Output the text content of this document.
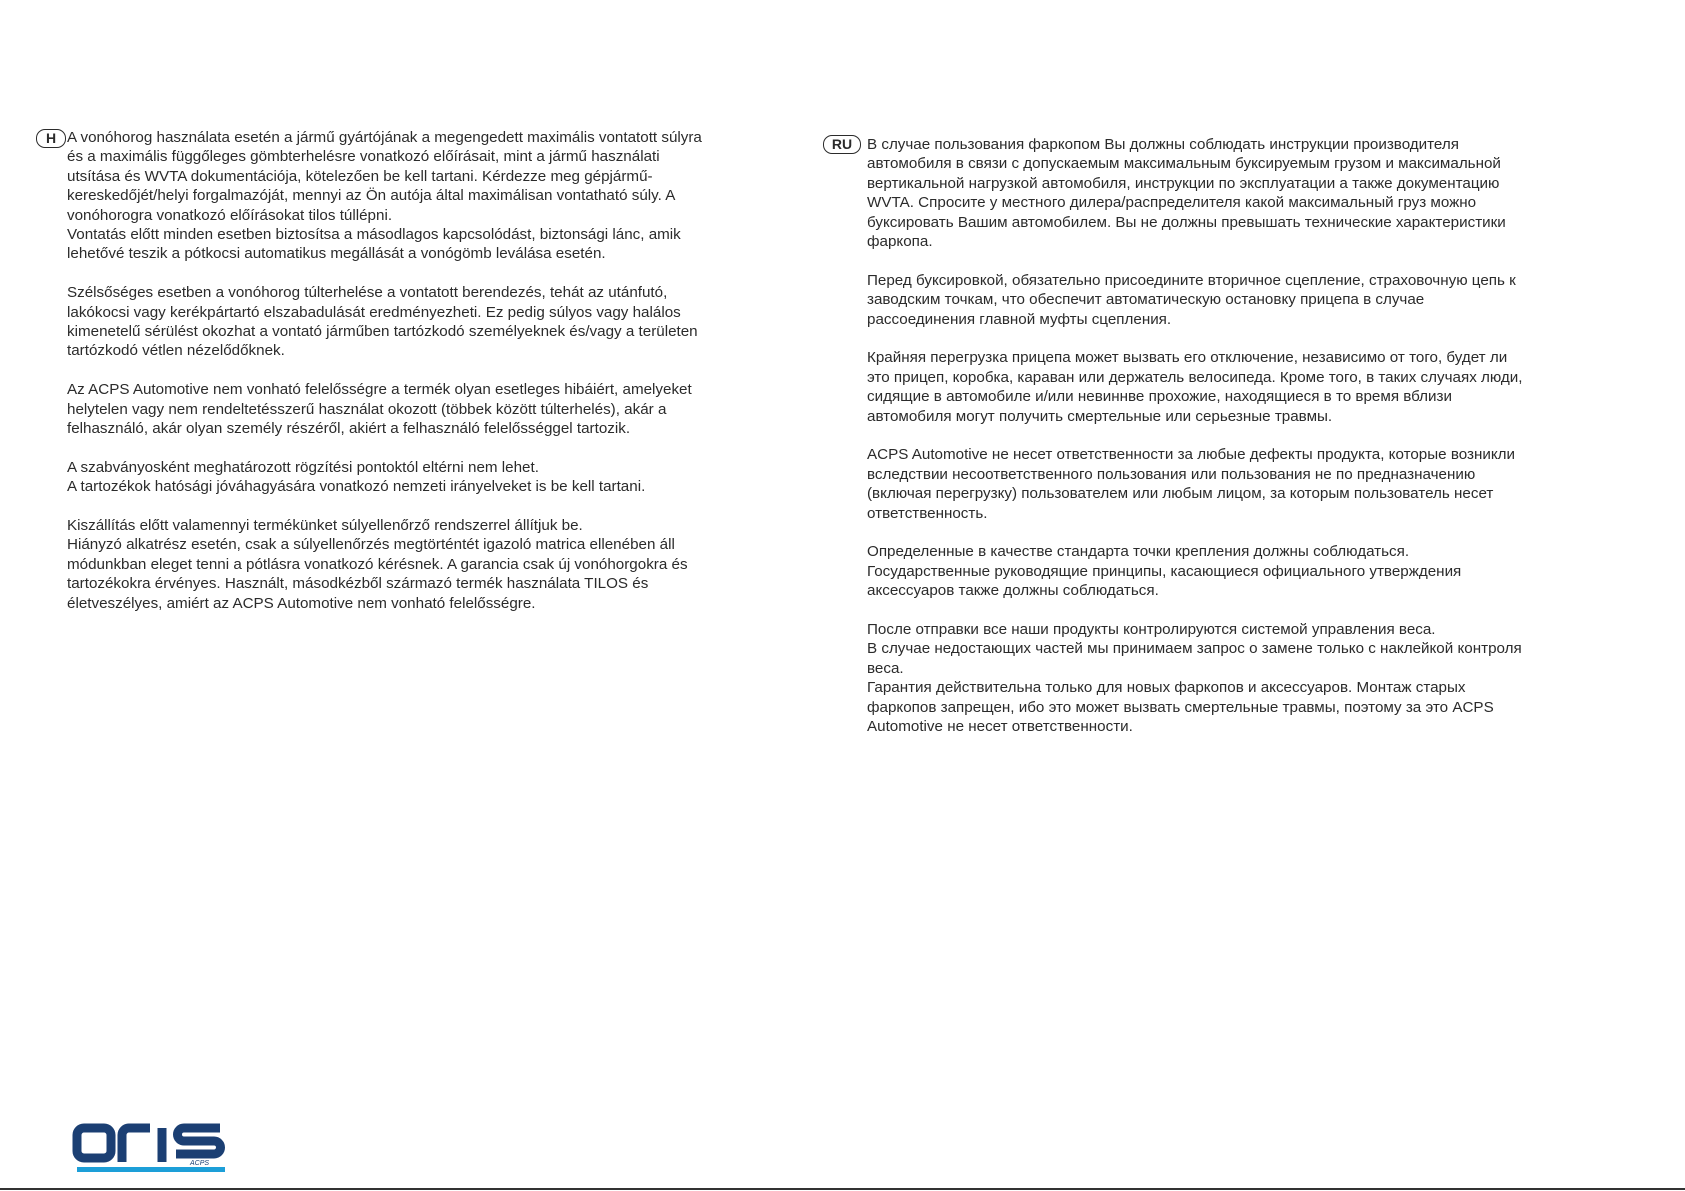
H A vonóhorog használata esetén a jármű gyártójának a megengedett maximális vontatott súlyra
és a maximális függőleges gömbterhelésre vonatkozó előírásait, mint a jármű használati
utsítása és WVTA dokumentációja, kötelezően be kell tartani. Kérdezze meg gépjármű-
kereskedőjét/helyi forgalmazóját, mennyi az Ön autója által maximálisan vontatható súly. A
vonóhorogra vonatkozó előírásokat tilos túllépni.
Vontatás előtt minden esetben biztosítsa a másodlagos kapcsolódást, biztonsági lánc, amik
lehetővé teszik a pótkocsi automatikus megállását a vonógömb leválása esetén.

Szélsőséges esetben a vonóhorog túlterhelése a vontatott berendezés, tehát az utánfutó,
lakókocsi vagy kerékpártartó elszabadulását eredményezheti. Ez pedig súlyos vagy halálos
kimenetelű sérülést okozhat a vontató járműben tartózkodó személyeknek és/vagy a területen
tartózkodó vétlen nézelődőknek.

Az ACPS Automotive nem vonható felelősségre a termék olyan esetleges hibáiért, amelyeket
helytelen vagy nem rendeltetésszerű használat okozott (többek között túlterhelés), akár a
felhasználó, akár olyan személy részéről, akiért a felhasználó felelősséggel tartozik.

A szabványosként meghatározott rögzítési pontoktól eltérni nem lehet.
A tartozékok hatósági jóváhagyására vonatkozó nemzeti irányelveket is be kell tartani.

Kiszállítás előtt valamennyi termékünket súlyellenőrző rendszerrel állítjuk be.
Hiányzó alkatrész esetén, csak a súlyellenőrzés megtörténtét igazoló matrica ellenében áll
módunkban eleget tenni a pótlásra vonatkozó kérésnek. A garancia csak új vonóhorgokra és
tartozékokra érvényes. Használt, másodkézből származó termék használata TILOS és
életveszélyes, amiért az ACPS Automotive nem vonható felelősségre.

RU В случае пользования фаркопом Вы должны соблюдать инструкции производителя
автомобиля в связи с допускаемым максимальным буксируемым грузом и максимальной
вертикальной нагрузкой автомобиля, инструкции по эксплуатации а также документацию
WVTA. Спросите у местного дилера/распределителя какой максимальный груз можно
буксировать Вашим автомобилем. Вы не должны превышать технические характеристики
фаркопа.

Перед буксировкой, обязательно присоедините вторичное сцепление, страховочную цепь к
заводским точкам, что обеспечит автоматическую остановку прицепа в случае
рассоединения главной муфты сцепления.

Крайняя перегрузка прицепа может вызвать его отключение, независимо от того, будет ли
это прицеп, коробка, караван или держатель велосипеда. Кроме того, в таких случаях люди,
сидящие в автомобиле и/или невиннве прохожие, находящиеся в то время вблизи
автомобиля могут получить смертельные или серьезные травмы.

ACPS Automotive не несет ответственности за любые дефекты продукта, которые возникли
вследствии несоответственного пользования или пользования не по предназначению
(включая перегрузку) пользователем или любым лицом, за которым пользователь несет
ответственность.

Определенные в качестве стандарта точки крепления должны соблюдаться.
Государственные руководящие принципы, касающиеся официального утверждения
аксессуаров также должны соблюдаться.

После отправки все наши продукты контролируются системой управления веса.
В случае недостающих частей мы принимаем запрос о замене только с наклейкой контроля
веса.
Гарантия действительна только для новых фаркопов и аксессуаров. Монтаж старых
фаркопов запрещен, ибо это может вызвать смертельные травмы, поэтому за это ACPS
Automotive не несет ответственности.

ACPS
